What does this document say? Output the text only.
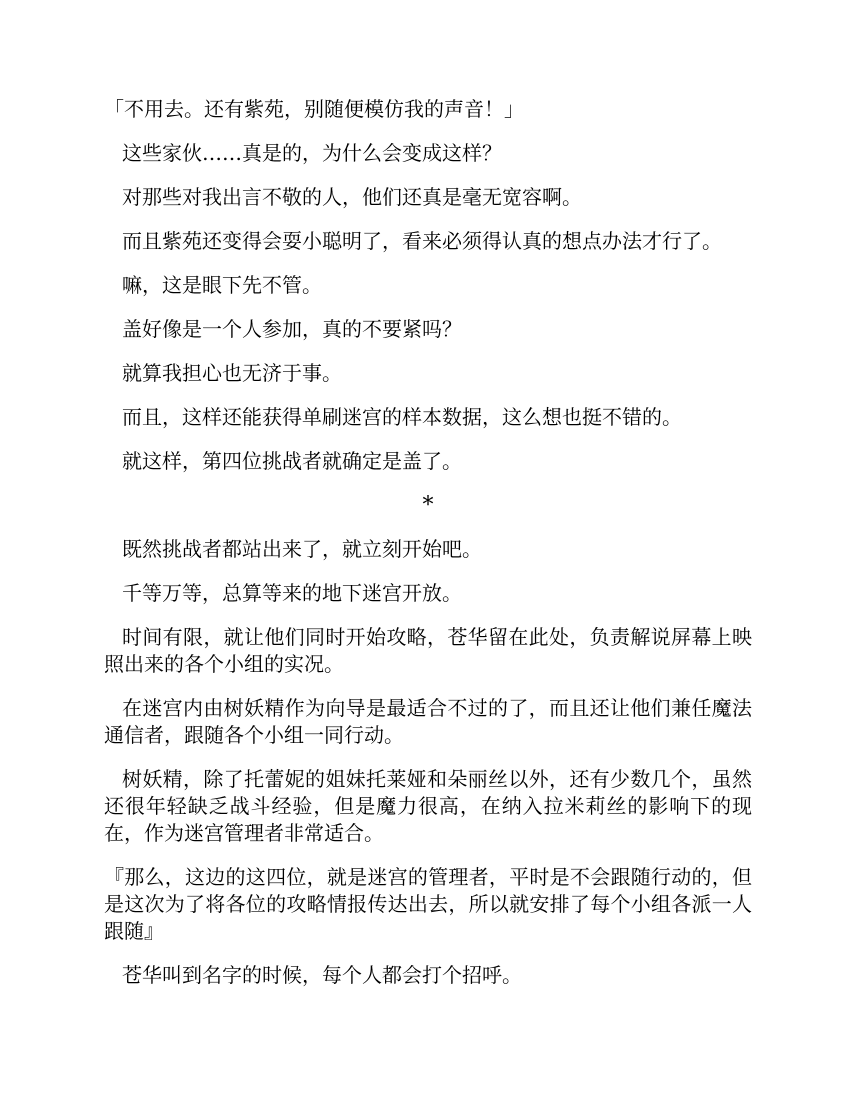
「不用去。还有紫苑，别随便模仿我的声音！」

这些家伙……真是的，为什么会变成这样？

对那些对我出言不敬的人，他们还真是毫无宽容啊。

而且紫苑还变得会耍小聪明了，看来必须得认真的想点办法才行了。

嘛，这是眼下先不管。

盖好像是一个人参加，真的不要紧吗？

就算我担心也无济于事。

而且，这样还能获得单刷迷宫的样本数据，这么想也挺不错的。

就这样，第四位挑战者就确定是盖了。

*

既然挑战者都站出来了，就立刻开始吧。

千等万等，总算等来的地下迷宫开放。

时间有限，就让他们同时开始攻略，苍华留在此处，负责解说屏幕上映照出来的各个小组的实况。

在迷宫内由树妖精作为向导是最适合不过的了，而且还让他们兼任魔法通信者，跟随各个小组一同行动。

树妖精，除了托蕾妮的姐妹托莱娅和朵丽丝以外，还有少数几个，虽然还很年轻缺乏战斗经验，但是魔力很高，在纳入拉米莉丝的影响下的现在，作为迷宫管理者非常适合。

『那么，这边的这四位，就是迷宫的管理者，平时是不会跟随行动的，但是这次为了将各位的攻略情报传达出去，所以就安排了每个小组各派一人跟随』

苍华叫到名字的时候，每个人都会打个招呼。
